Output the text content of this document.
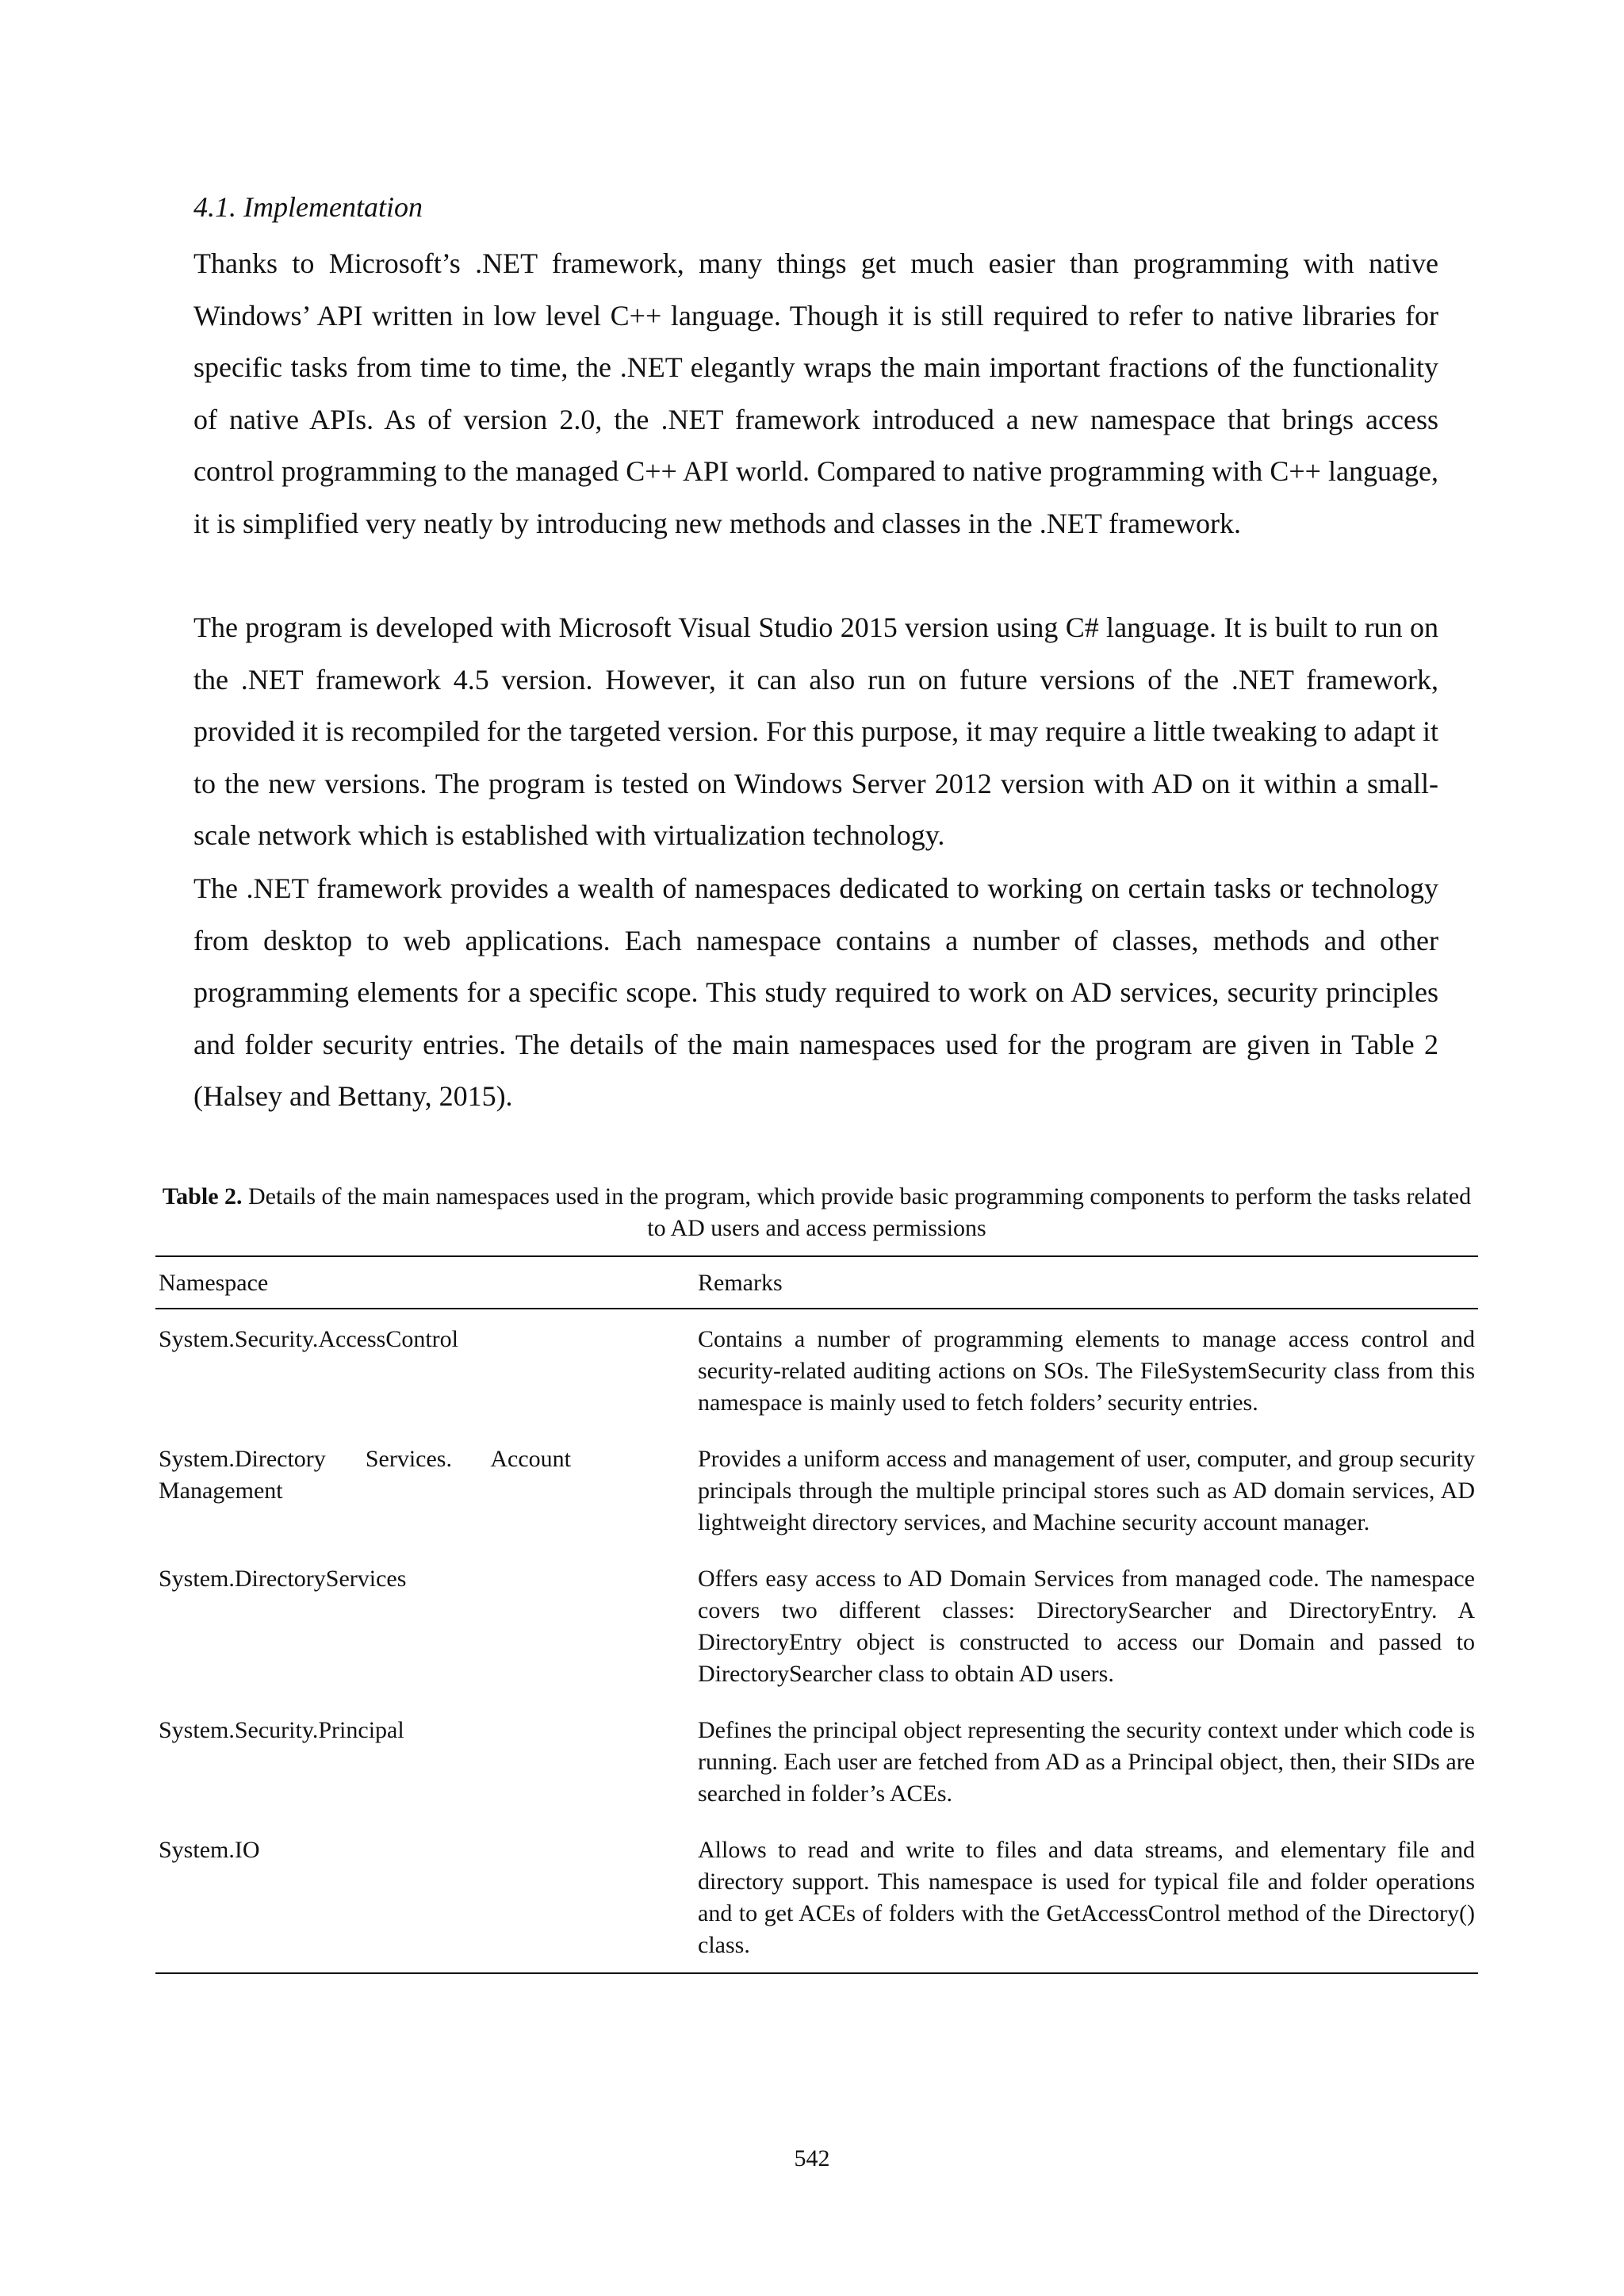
4.1. Implementation

Thanks to Microsoft’s .NET framework, many things get much easier than programming with native Windows’ API written in low level C++ language. Though it is still required to refer to native libraries for specific tasks from time to time, the .NET elegantly wraps the main important fractions of the functionality of native APIs. As of version 2.0, the .NET framework introduced a new namespace that brings access control programming to the managed C++ API world. Compared to native programming with C++ language, it is simplified very neatly by introducing new methods and classes in the .NET framework.

The program is developed with Microsoft Visual Studio 2015 version using C# language. It is built to run on the .NET framework 4.5 version. However, it can also run on future versions of the .NET framework, provided it is recompiled for the targeted version. For this purpose, it may require a little tweaking to adapt it to the new versions. The program is tested on Windows Server 2012 version with AD on it within a small-scale network which is established with virtualization technology.

The .NET framework provides a wealth of namespaces dedicated to working on certain tasks or technology from desktop to web applications. Each namespace contains a number of classes, methods and other programming elements for a specific scope. This study required to work on AD services, security principles and folder security entries. The details of the main namespaces used for the program are given in Table 2 (Halsey and Bettany, 2015).

Table 2. Details of the main namespaces used in the program, which provide basic programming components to perform the tasks related to AD users and access permissions

Namespace	Remarks
System.Security.AccessControl	Contains a number of programming elements to manage access control and security-related auditing actions on SOs. The FileSystemSecurity class from this namespace is mainly used to fetch folders’ security entries.
System.Directory Services. Account Management	Provides a uniform access and management of user, computer, and group security principals through the multiple principal stores such as AD domain services, AD lightweight directory services, and Machine security account manager.
System.DirectoryServices	Offers easy access to AD Domain Services from managed code. The namespace covers two different classes: DirectorySearcher and DirectoryEntry. A DirectoryEntry object is constructed to access our Domain and passed to DirectorySearcher class to obtain AD users.
System.Security.Principal	Defines the principal object representing the security context under which code is running. Each user are fetched from AD as a Principal object, then, their SIDs are searched in folder’s ACEs.
System.IO	Allows to read and write to files and data streams, and elementary file and directory support. This namespace is used for typical file and folder operations and to get ACEs of folders with the GetAccessControl method of the Directory() class.

542
